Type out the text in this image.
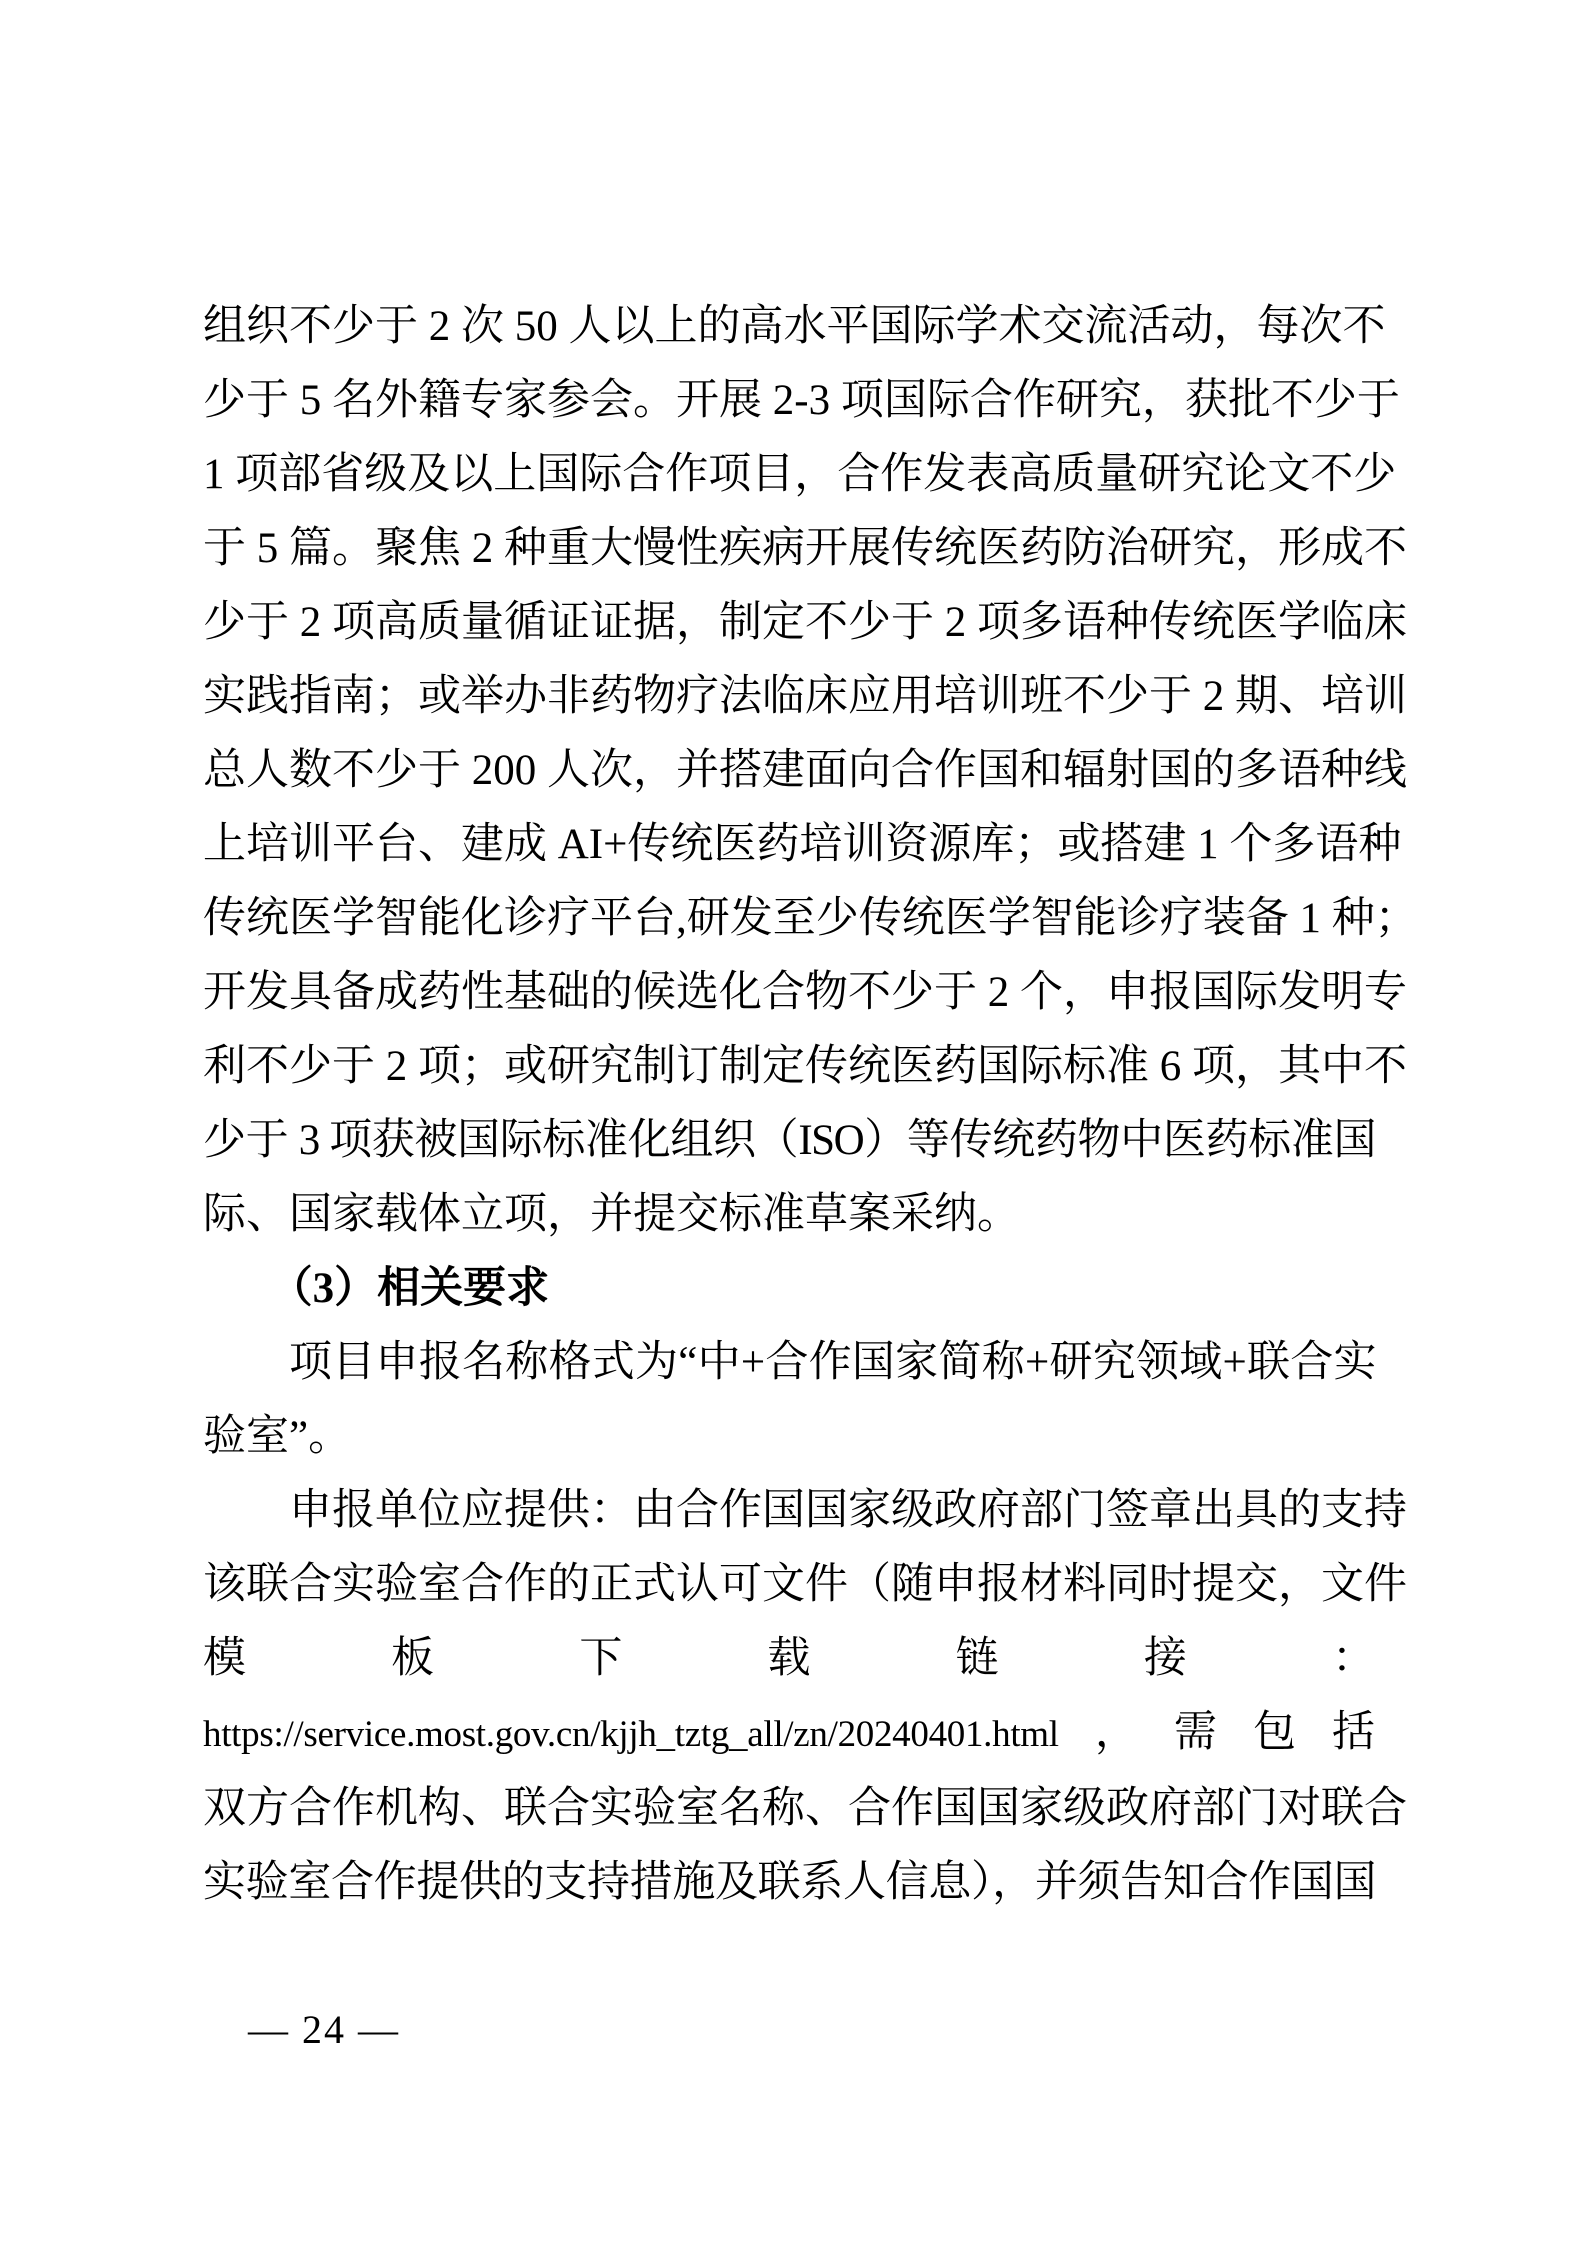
组织不少于 2 次 50 人以上的高水平国际学术交流活动，每次不
少于 5 名外籍专家参会。开展 2-3 项国际合作研究，获批不少于
1 项部省级及以上国际合作项目，合作发表高质量研究论文不少
于 5 篇。聚焦 2 种重大慢性疾病开展传统医药防治研究，形成不
少于 2 项高质量循证证据，制定不少于 2 项多语种传统医学临床
实践指南；或举办非药物疗法临床应用培训班不少于 2 期、培训
总人数不少于 200 人次，并搭建面向合作国和辐射国的多语种线
上培训平台、建成 AI+传统医药培训资源库；或搭建 1 个多语种
传统医学智能化诊疗平台,研发至少传统医学智能诊疗装备 1 种；
开发具备成药性基础的候选化合物不少于 2 个，申报国际发明专
利不少于 2 项；或研究制订制定传统医药国际标准 6 项，其中不
少于 3 项获被国际标准化组织（ISO）等传统药物中医药标准国
际、国家载体立项，并提交标准草案采纳。
（3）相关要求
项目申报名称格式为“中+合作国家简称+研究领域+联合实
验室”。
申报单位应提供：由合作国国家级政府部门签章出具的支持
该联合实验室合作的正式认可文件（随申报材料同时提交，文件
模板下载链接：
https://service.most.gov.cn/kjjh_tztg_all/zn/20240401.html，需包括
双方合作机构、联合实验室名称、合作国国家级政府部门对联合
实验室合作提供的支持措施及联系人信息），并须告知合作国国
— 24 —
